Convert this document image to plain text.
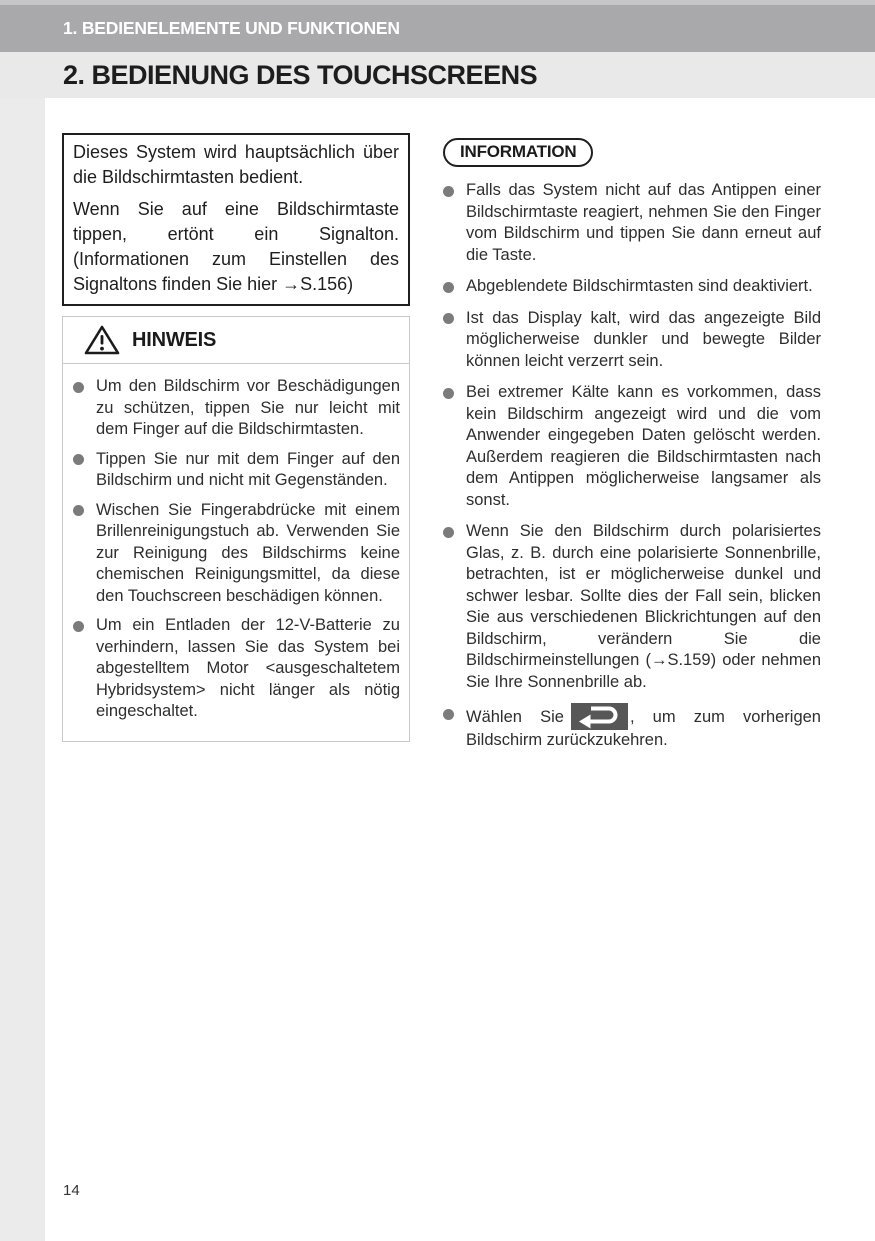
1. BEDIENELEMENTE UND FUNKTIONEN
2. BEDIENUNG DES TOUCHSCREENS

Dieses System wird hauptsächlich über die Bildschirmtasten bedient.

Wenn Sie auf eine Bildschirmtaste tippen, ertönt ein Signalton. (Informationen zum Einstellen des Signaltons finden Sie hier →S.156)

HINWEIS
Um den Bildschirm vor Beschädigungen zu schützen, tippen Sie nur leicht mit dem Finger auf die Bildschirmtasten.
Tippen Sie nur mit dem Finger auf den Bildschirm und nicht mit Gegenständen.
Wischen Sie Fingerabdrücke mit einem Brillenreinigungstuch ab. Verwenden Sie zur Reinigung des Bildschirms keine chemischen Reinigungsmittel, da diese den Touchscreen beschädigen können.
Um ein Entladen der 12-V-Batterie zu verhindern, lassen Sie das System bei abgestelltem Motor <ausgeschaltetem Hybridsystem> nicht länger als nötig eingeschaltet.
INFORMATION
Falls das System nicht auf das Antippen einer Bildschirmtaste reagiert, nehmen Sie den Finger vom Bildschirm und tippen Sie dann erneut auf die Taste.
Abgeblendete Bildschirmtasten sind deaktiviert.
Ist das Display kalt, wird das angezeigte Bild möglicherweise dunkler und bewegte Bilder können leicht verzerrt sein.
Bei extremer Kälte kann es vorkommen, dass kein Bildschirm angezeigt wird und die vom Anwender eingegeben Daten gelöscht werden. Außerdem reagieren die Bildschirmtasten nach dem Antippen möglicherweise langsamer als sonst.
Wenn Sie den Bildschirm durch polarisiertes Glas, z. B. durch eine polarisierte Sonnenbrille, betrachten, ist er möglicherweise dunkel und schwer lesbar. Sollte dies der Fall sein, blicken Sie aus verschiedenen Blickrichtungen auf den Bildschirm, verändern Sie die Bildschirmeinstellungen (→S.159) oder nehmen Sie Ihre Sonnenbrille ab.
Wählen Sie	, um zum vorherigen Bildschirm zurückzukehren.
14
